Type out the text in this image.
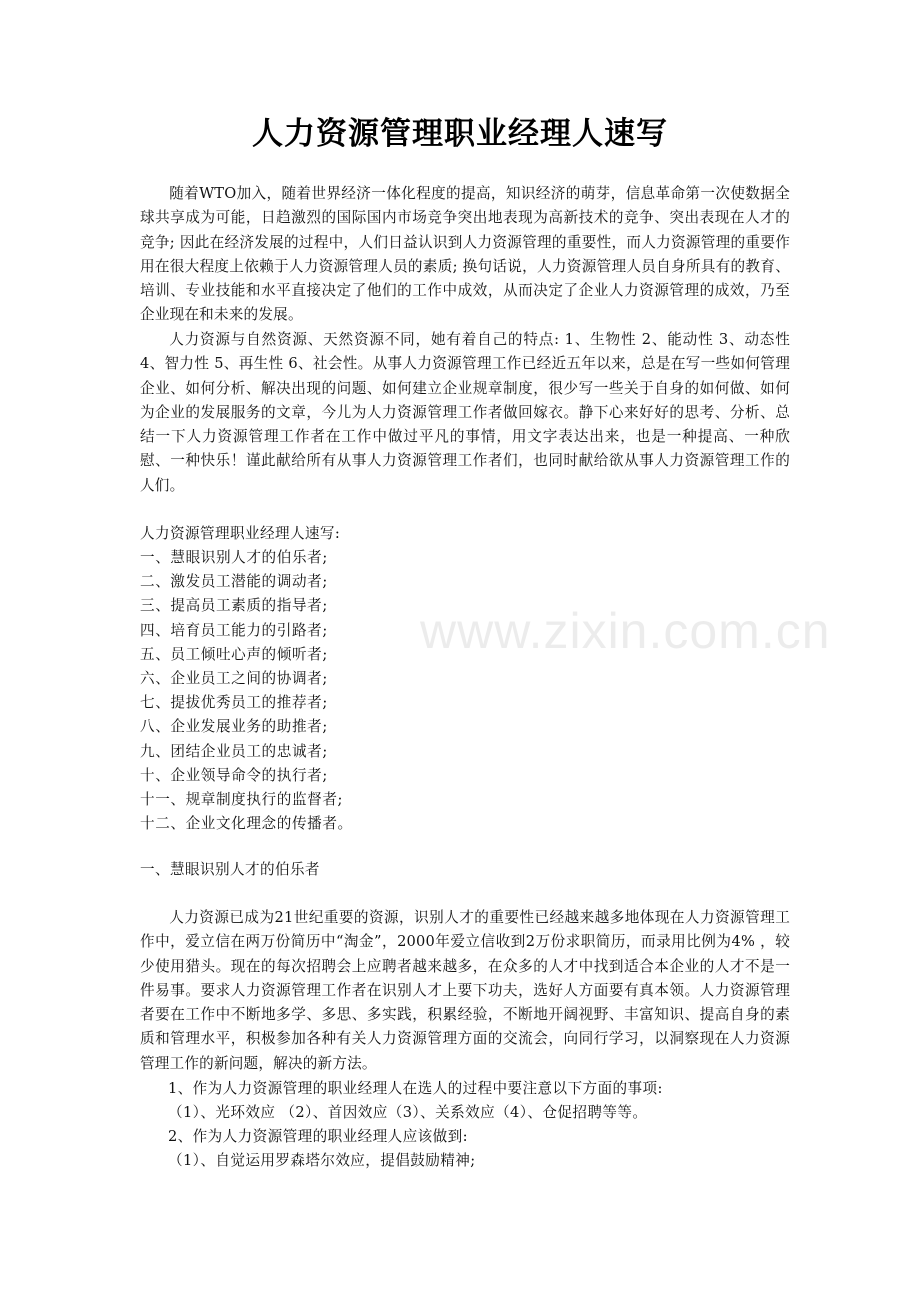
人力资源管理职业经理人速写

随着WTO加入，随着世界经济一体化程度的提高，知识经济的萌芽，信息革命第一次使数据全球共享成为可能，日趋激烈的国际国内市场竞争突出地表现为高新技术的竞争、突出表现在人才的竞争; 因此在经济发展的过程中，人们日益认识到人力资源管理的重要性，而人力资源管理的重要作用在很大程度上依赖于人力资源管理人员的素质; 换句话说，人力资源管理人员自身所具有的教育、培训、专业技能和水平直接决定了他们的工作中成效，从而决定了企业人力资源管理的成效，乃至企业现在和未来的发展。

人力资源与自然资源、天然资源不同，她有着自己的特点: 1、生物性 2、能动性 3、动态性 4、智力性 5、再生性 6、社会性。从事人力资源管理工作已经近五年以来，总是在写一些如何管理企业、如何分析、解决出现的问题、如何建立企业规章制度，很少写一些关于自身的如何做、如何为企业的发展服务的文章，今儿为人力资源管理工作者做回嫁衣。静下心来好好的思考、分析、总结一下人力资源管理工作者在工作中做过平凡的事情，用文字表达出来，也是一种提高、一种欣慰、一种快乐！谨此献给所有从事人力资源管理工作者们，也同时献给欲从事人力资源管理工作的人们。

人力资源管理职业经理人速写:

一、慧眼识别人才的伯乐者;
二、激发员工潜能的调动者;
三、提高员工素质的指导者;
四、培育员工能力的引路者;
五、员工倾吐心声的倾听者;
六、企业员工之间的协调者;
七、提拔优秀员工的推荐者;
八、企业发展业务的助推者;
九、团结企业员工的忠诚者;
十、企业领导命令的执行者;
十一、规章制度执行的监督者;
十二、企业文化理念的传播者。

一、慧眼识别人才的伯乐者

人力资源已成为21世纪重要的资源，识别人才的重要性已经越来越多地体现在人力资源管理工作中，爱立信在两万份简历中“淘金”，2000年爱立信收到2万份求职简历，而录用比例为4% ，较少使用猎头。现在的每次招聘会上应聘者越来越多，在众多的人才中找到适合本企业的人才不是一件易事。要求人力资源管理工作者在识别人才上要下功夫，选好人方面要有真本领。人力资源管理者要在工作中不断地多学、多思、多实践，积累经验，不断地开阔视野、丰富知识、提高自身的素质和管理水平，积极参加各种有关人力资源管理方面的交流会，向同行学习，以洞察现在人力资源管理工作的新问题，解决的新方法。

1、作为人力资源管理的职业经理人在选人的过程中要注意以下方面的事项:

（1）、光环效应 （2）、首因效应（3）、关系效应（4）、仓促招聘等等。

2、作为人力资源管理的职业经理人应该做到:

（1）、自觉运用罗森塔尔效应，提倡鼓励精神;

www.zixin.com.cn
